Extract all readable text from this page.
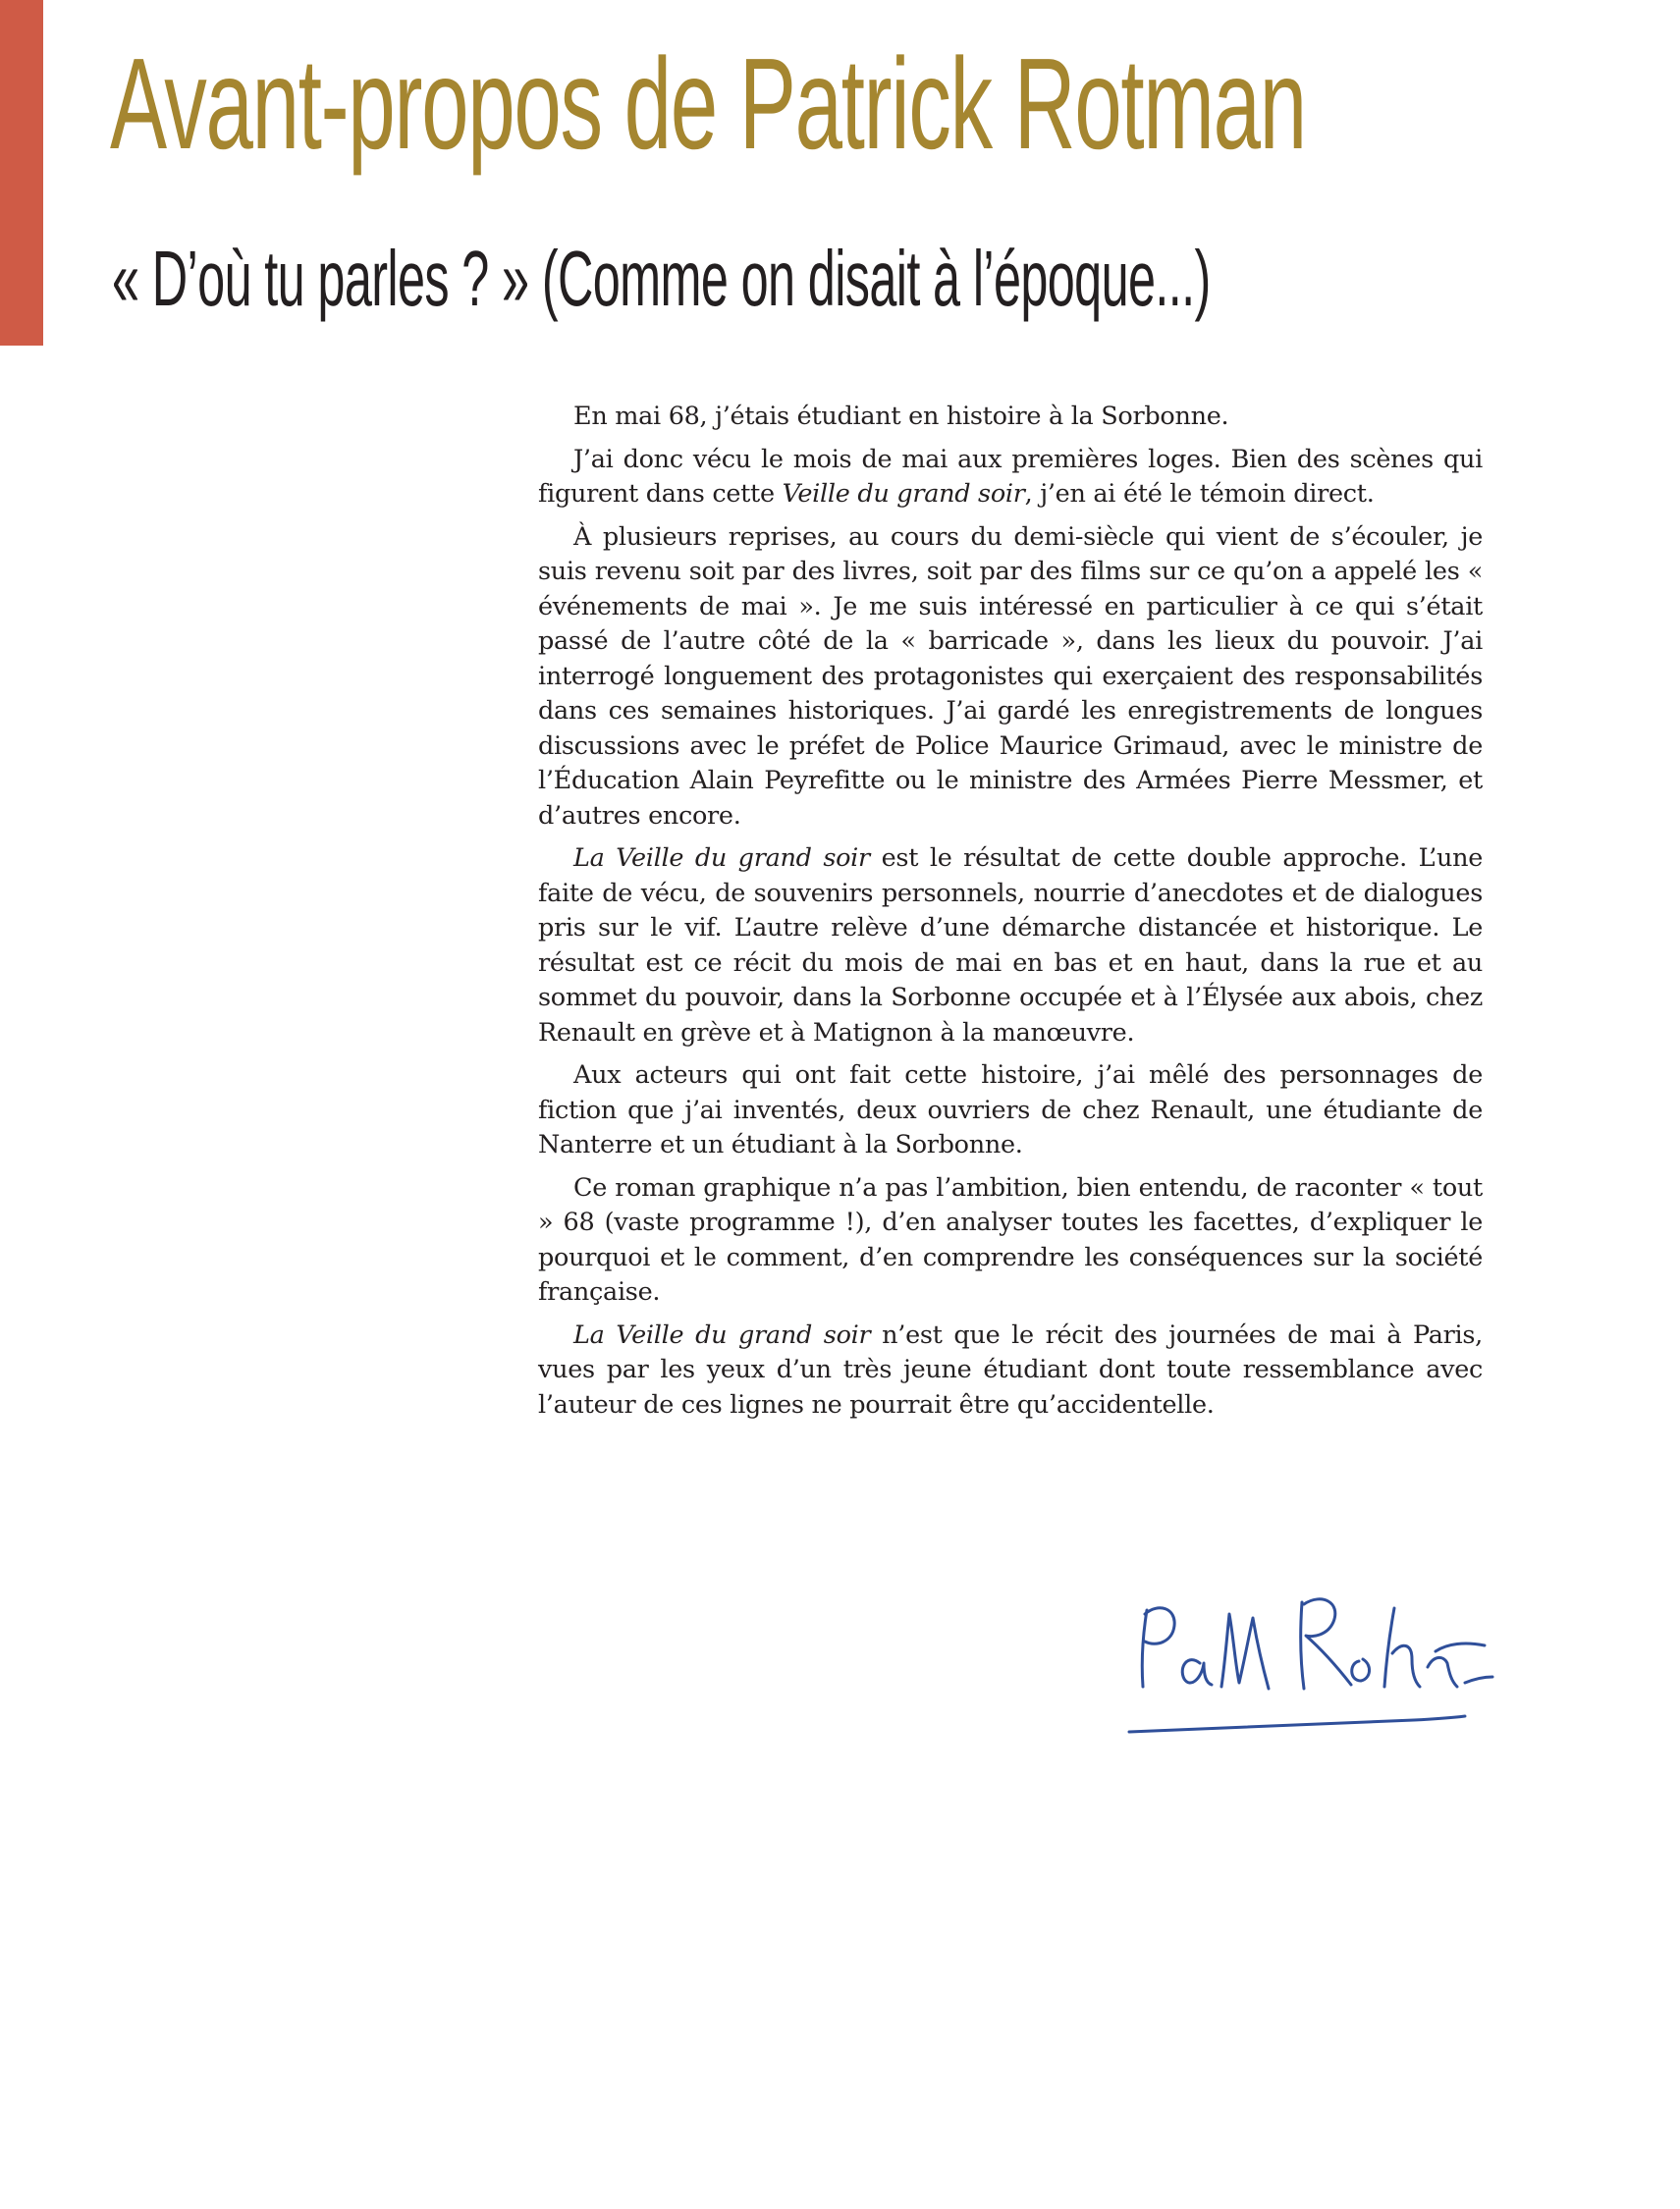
Avant-propos de Patrick Rotman
« D’où tu parles ? » (Comme on disait à l’époque...)

En mai 68, j’étais étudiant en histoire à la Sorbonne.

J’ai donc vécu le mois de mai aux premières loges. Bien des scènes qui figurent dans cette Veille du grand soir, j’en ai été le témoin direct.

À plusieurs reprises, au cours du demi-siècle qui vient de s’écouler, je suis revenu soit par des livres, soit par des films sur ce qu’on a appelé les « événements de mai ». Je me suis intéressé en particulier à ce qui s’était passé de l’autre côté de la « barricade », dans les lieux du pouvoir. J’ai interrogé longuement des protagonistes qui exerçaient des responsabilités dans ces semaines historiques. J’ai gardé les enregistrements de longues discussions avec le préfet de Police Maurice Grimaud, avec le ministre de l’Éducation Alain Peyrefitte ou le ministre des Armées Pierre Messmer, et d’autres encore.

La Veille du grand soir est le résultat de cette double approche. L’une faite de vécu, de souvenirs personnels, nourrie d’anecdotes et de dialogues pris sur le vif. L’autre relève d’une démarche distancée et historique. Le résultat est ce récit du mois de mai en bas et en haut, dans la rue et au sommet du pouvoir, dans la Sorbonne occupée et à l’Élysée aux abois, chez Renault en grève et à Matignon à la manœuvre.

Aux acteurs qui ont fait cette histoire, j’ai mêlé des personnages de fiction que j’ai inventés, deux ouvriers de chez Renault, une étudiante de Nanterre et un étudiant à la Sorbonne.

Ce roman graphique n’a pas l’ambition, bien entendu, de raconter « tout » 68 (vaste programme !), d’en analyser toutes les facettes, d’expliquer le pourquoi et le comment, d’en comprendre les conséquences sur la société française.

La Veille du grand soir n’est que le récit des journées de mai à Paris, vues par les yeux d’un très jeune étudiant dont toute ressemblance avec l’auteur de ces lignes ne pourrait être qu’accidentelle.
